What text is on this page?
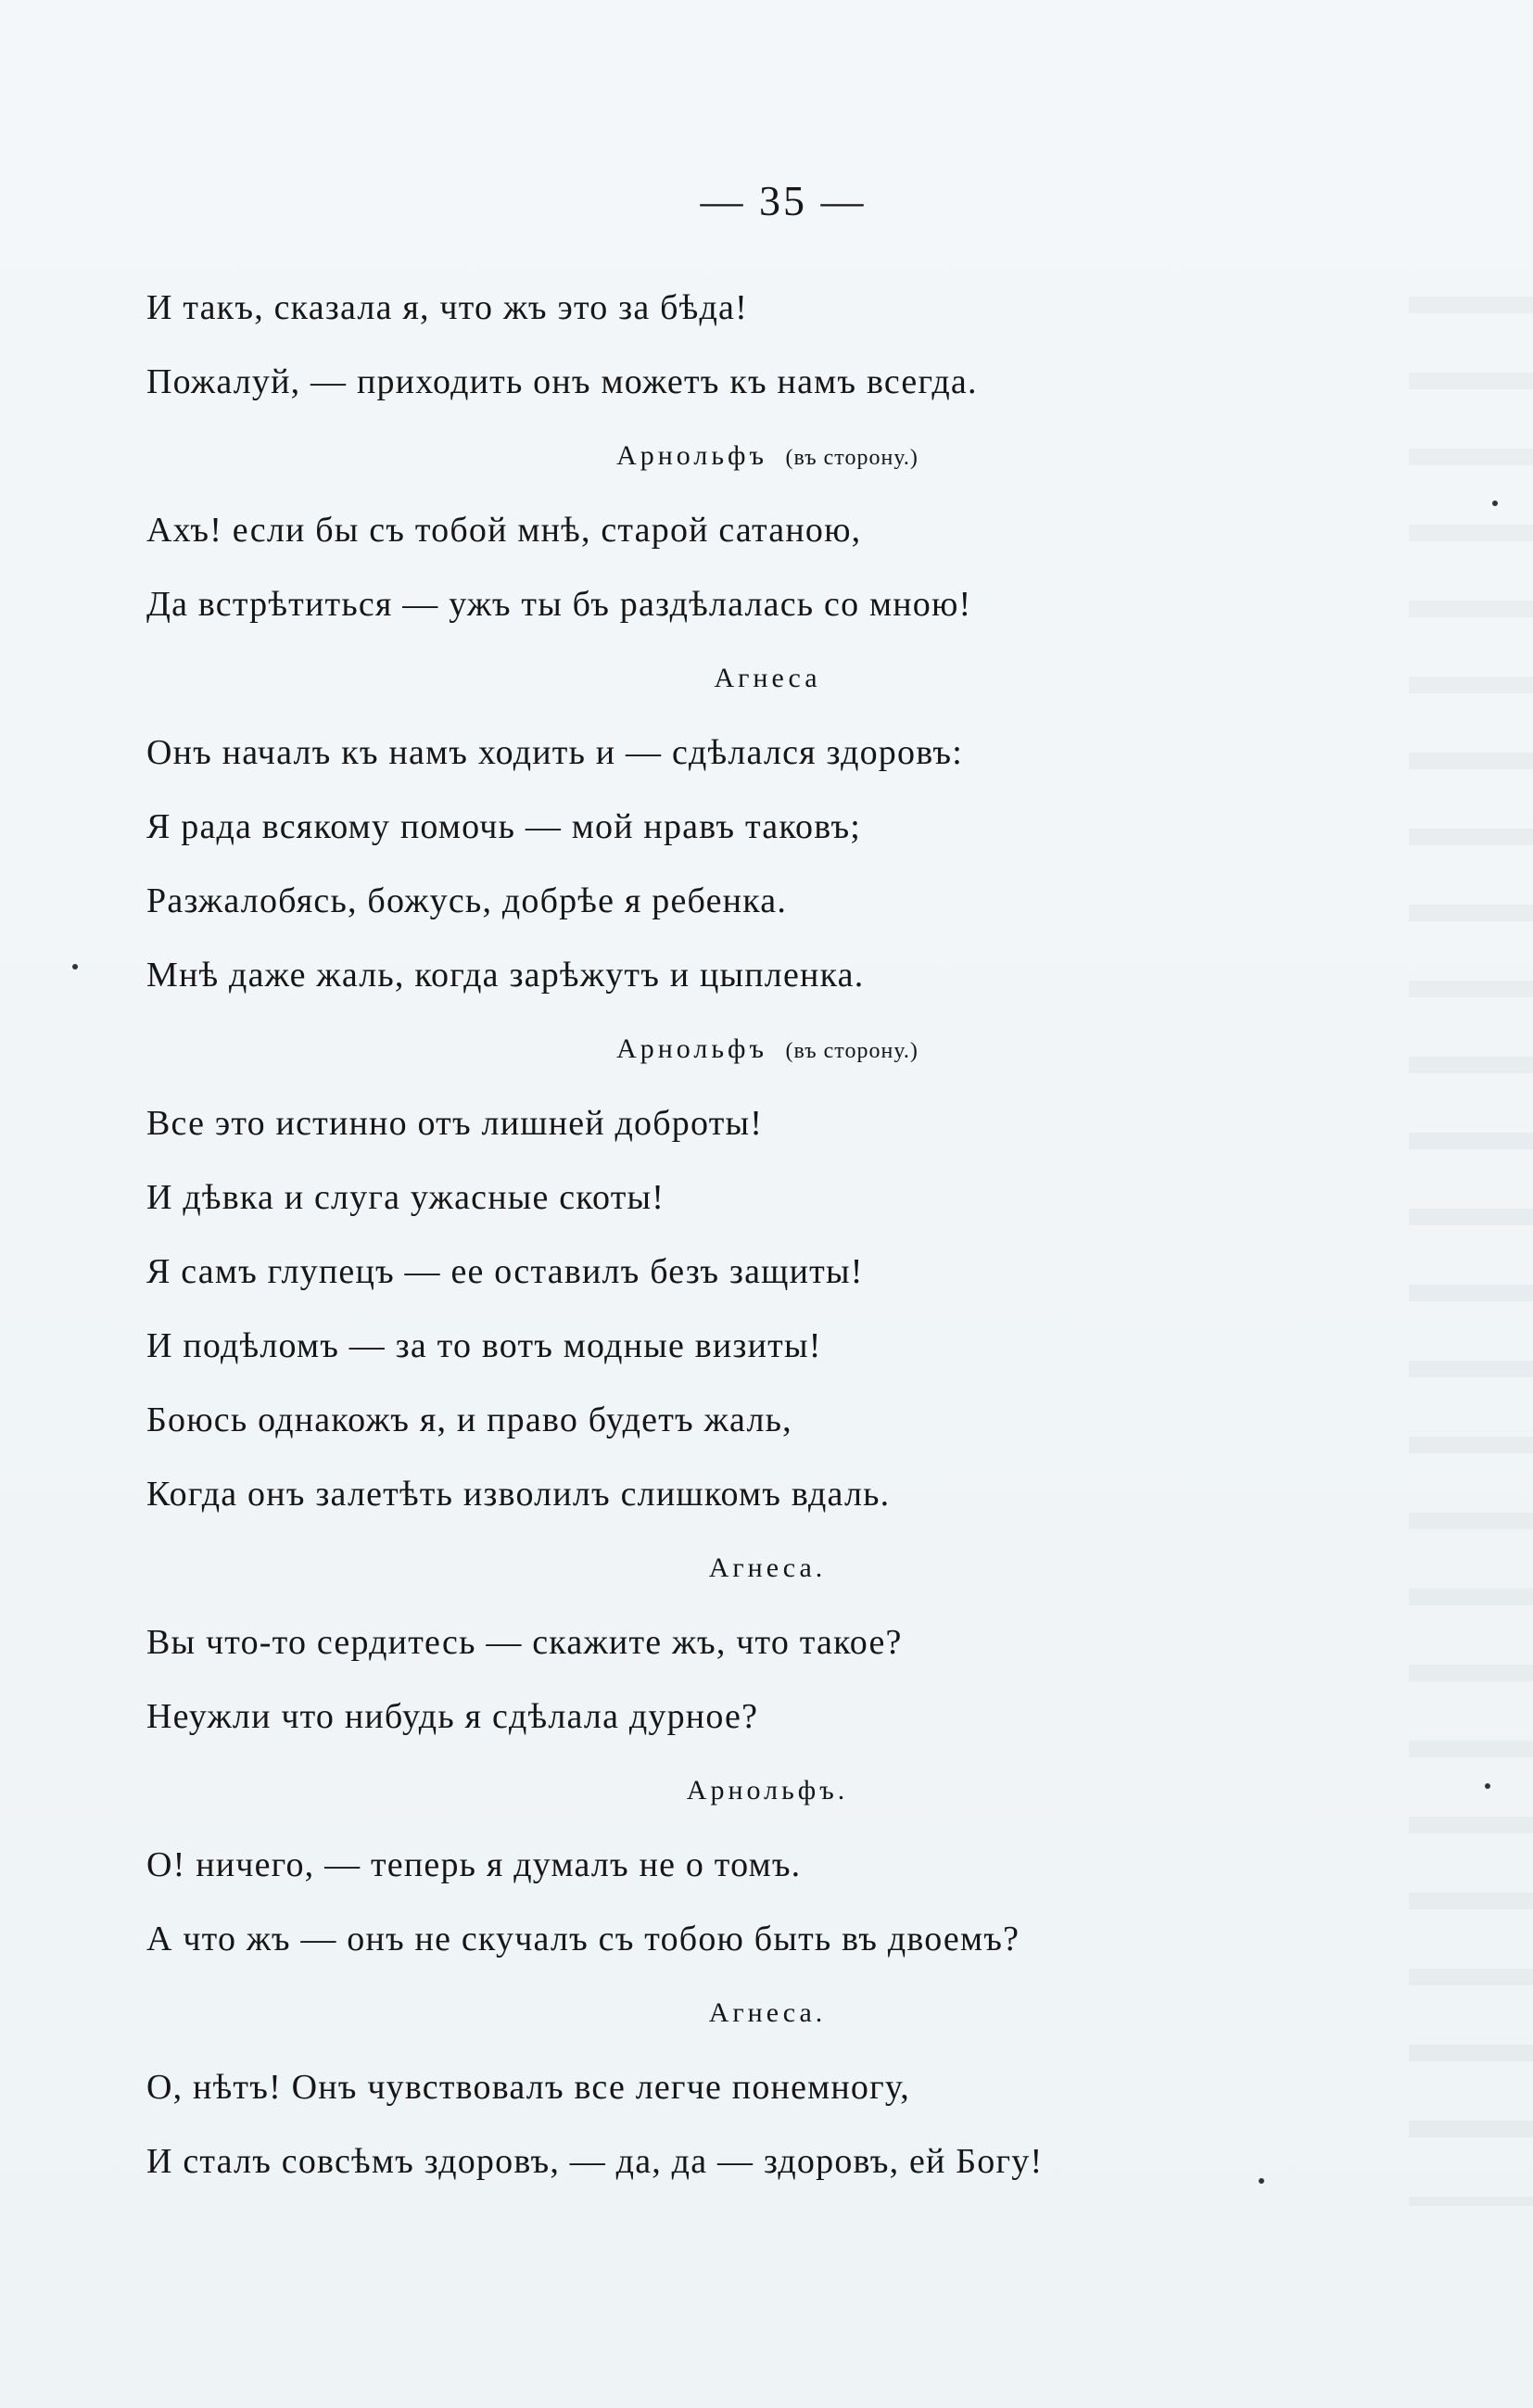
— 35 —
И такъ, сказала я, что жъ это за бѣда!
Пожалуй, — приходить онъ можетъ къ намъ всегда.
Арнольфъ (въ сторону.)
Ахъ! если бы съ тобой мнѣ, старой сатаною,
Да встрѣтиться — ужъ ты бъ раздѣлалась со мною!
Агнеса
Онъ началъ къ намъ ходить и — сдѣлался здоровъ:
Я рада всякому помочь — мой нравъ таковъ;
Разжалобясь, божусь, добрѣе я ребенка.
Мнѣ даже жаль, когда зарѣжутъ и цыпленка.
Арнольфъ (въ сторону.)
Все это истинно отъ лишней доброты!
И дѣвка и слуга ужасные скоты!
Я самъ глупецъ — ее оставилъ безъ защиты!
И подѣломъ — за то вотъ модные визиты!
Боюсь однакожъ я, и право будетъ жаль,
Когда онъ залетѣть изволилъ слишкомъ вдаль.
Агнеса.
Вы что-то сердитесь — скажите жъ, что такое?
Неужли что нибудь я сдѣлала дурное?
Арнольфъ.
О! ничего, — теперь я думалъ не о томъ.
А что жъ — онъ не скучалъ съ тобою быть въ двоемъ?
Агнеса.
О, нѣтъ! Онъ чувствовалъ все легче понемногу,
И сталъ совсѣмъ здоровъ, — да, да — здоровъ, ей Богу!
